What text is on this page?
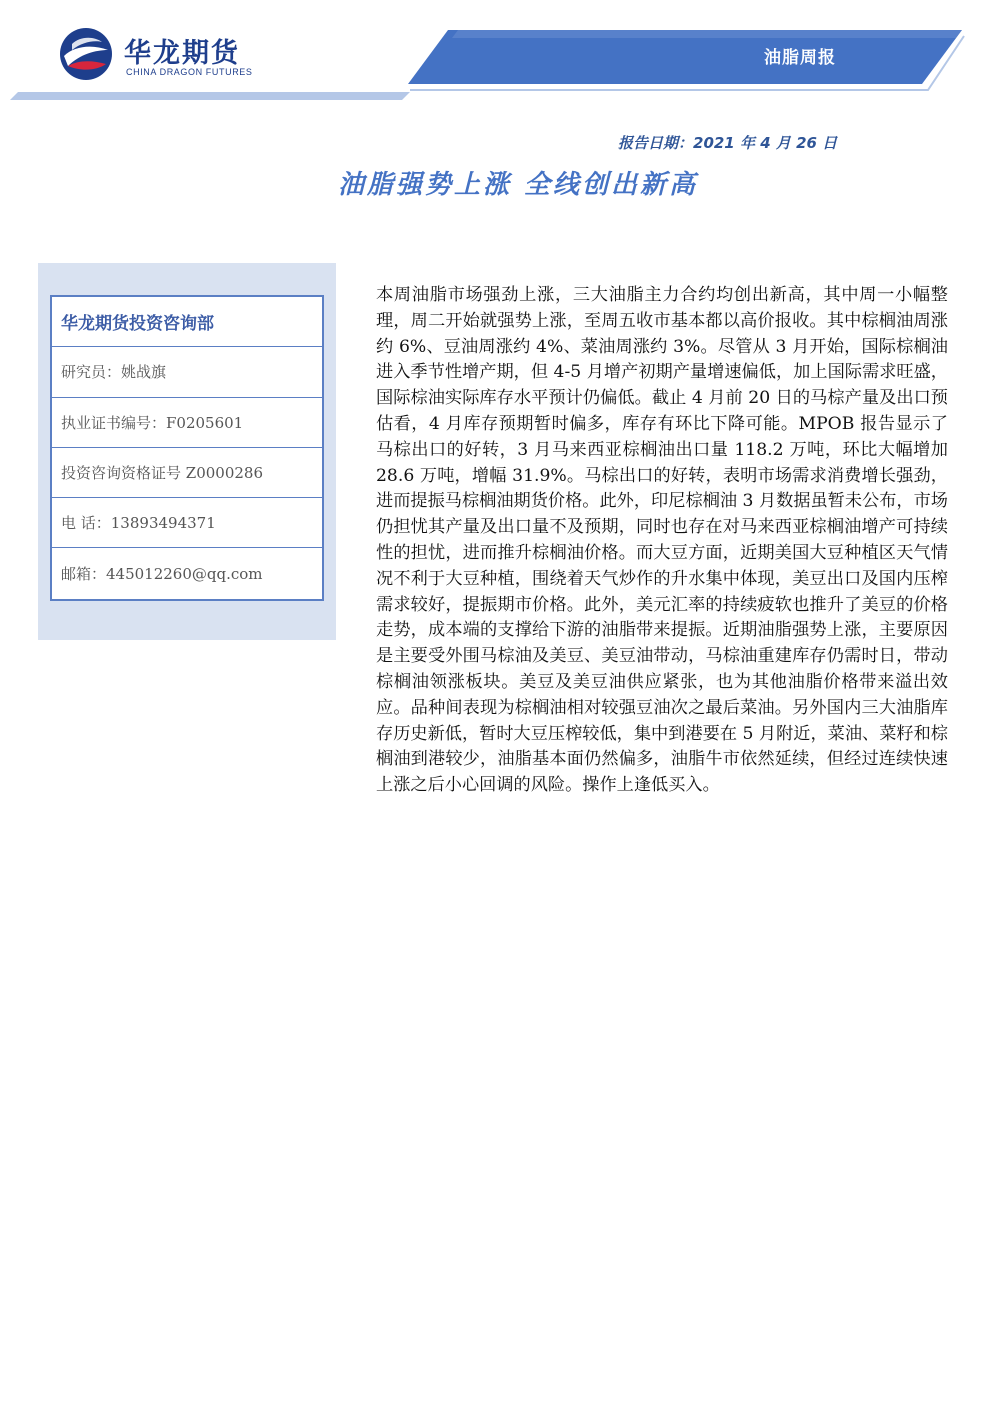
华龙期货
CHINA DRAGON FUTURES
油脂周报
报告日期：2021 年 4 月 26 日
油脂强势上涨 全线创出新高
华龙期货投资咨询部
研究员：姚战旗
执业证书编号：F0205601
投资咨询资格证号 Z0000286
电 话：13893494371
邮箱：445012260@qq.com

本周油脂市场强劲上涨，三大油脂主力合约均创出新高，其中周一小幅整理，周二开始就强势上涨，至周五收市基本都以高价报收。其中棕榈油周涨约 6%、豆油周涨约 4%、菜油周涨约 3%。尽管从 3 月开始，国际棕榈油进入季节性增产期，但 4-5 月增产初期产量增速偏低，加上国际需求旺盛，国际棕油实际库存水平预计仍偏低。截止 4 月前 20 日的马棕产量及出口预估看，4 月库存预期暂时偏多，库存有环比下降可能。MPOB 报告显示了马棕出口的好转，3 月马来西亚棕榈油出口量 118.2 万吨，环比大幅增加 28.6 万吨，增幅 31.9%。马棕出口的好转，表明市场需求消费增长强劲，进而提振马棕榈油期货价格。此外，印尼棕榈油 3 月数据虽暂未公布，市场仍担忧其产量及出口量不及预期，同时也存在对马来西亚棕榈油增产可持续性的担忧，进而推升棕榈油价格。而大豆方面，近期美国大豆种植区天气情况不利于大豆种植，围绕着天气炒作的升水集中体现，美豆出口及国内压榨需求较好，提振期市价格。此外，美元汇率的持续疲软也推升了美豆的价格走势，成本端的支撑给下游的油脂带来提振。近期油脂强势上涨，主要原因是主要受外围马棕油及美豆、美豆油带动，马棕油重建库存仍需时日，带动棕榈油领涨板块。美豆及美豆油供应紧张，也为其他油脂价格带来溢出效应。品种间表现为棕榈油相对较强豆油次之最后菜油。另外国内三大油脂库存历史新低，暂时大豆压榨较低，集中到港要在 5 月附近，菜油、菜籽和棕榈油到港较少，油脂基本面仍然偏多，油脂牛市依然延续，但经过连续快速上涨之后小心回调的风险。操作上逢低买入。
